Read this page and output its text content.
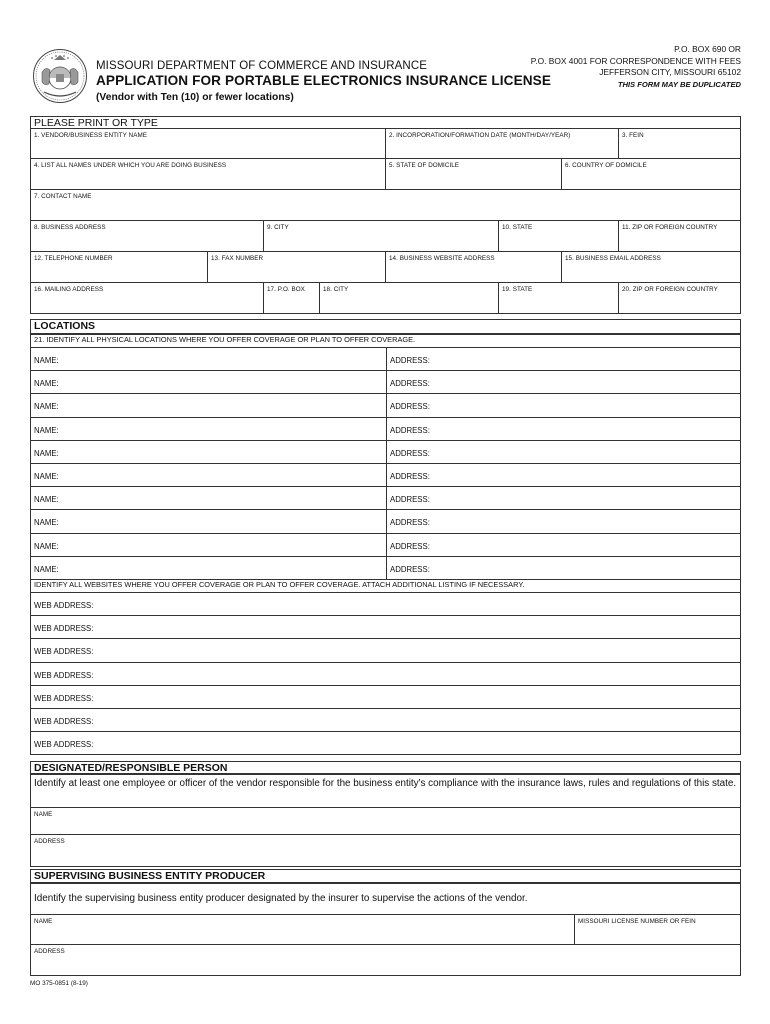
MISSOURI DEPARTMENT OF COMMERCE AND INSURANCE
APPLICATION FOR PORTABLE ELECTRONICS INSURANCE LICENSE
(Vendor with Ten (10) or fewer locations)
P.O. BOX 690 OR
P.O. BOX 4001 FOR CORRESPONDENCE WITH FEES
JEFFERSON CITY, MISSOURI 65102
THIS FORM MAY BE DUPLICATED
PLEASE PRINT OR TYPE
1. VENDOR/BUSINESS ENTITY NAME	2. INCORPORATION/FORMATION DATE (MONTH/DAY/YEAR)	3. FEIN
4. LIST ALL NAMES UNDER WHICH YOU ARE DOING BUSINESS	5. STATE OF DOMICILE	6. COUNTRY OF DOMICILE
7. CONTACT NAME
8. BUSINESS ADDRESS	9. CITY	10. STATE	11. ZIP OR FOREIGN COUNTRY
12. TELEPHONE NUMBER	13. FAX NUMBER	14. BUSINESS WEBSITE ADDRESS	15. BUSINESS EMAIL ADDRESS
16. MAILING ADDRESS	17. P.O. BOX	18. CITY	19. STATE	20. ZIP OR FOREIGN COUNTRY
LOCATIONS
21. IDENTIFY ALL PHYSICAL LOCATIONS WHERE YOU OFFER COVERAGE OR PLAN TO OFFER COVERAGE.
NAME:	ADDRESS:
NAME:	ADDRESS:
NAME:	ADDRESS:
NAME:	ADDRESS:
NAME:	ADDRESS:
NAME:	ADDRESS:
NAME:	ADDRESS:
NAME:	ADDRESS:
NAME:	ADDRESS:
NAME:	ADDRESS:
IDENTIFY ALL WEBSITES WHERE YOU OFFER COVERAGE OR PLAN TO OFFER COVERAGE. ATTACH ADDITIONAL LISTING IF NECESSARY.
WEB ADDRESS:
WEB ADDRESS:
WEB ADDRESS:
WEB ADDRESS:
WEB ADDRESS:
WEB ADDRESS:
WEB ADDRESS:
DESIGNATED/RESPONSIBLE PERSON
Identify at least one employee or officer of the vendor responsible for the business entity's compliance with the insurance laws, rules and regulations of this state.
NAME
ADDRESS
SUPERVISING BUSINESS ENTITY PRODUCER
Identify the supervising business entity producer designated by the insurer to supervise the actions of the vendor.
NAME	MISSOURI LICENSE NUMBER OR FEIN
ADDRESS
MO 375-0851 (8-19)
